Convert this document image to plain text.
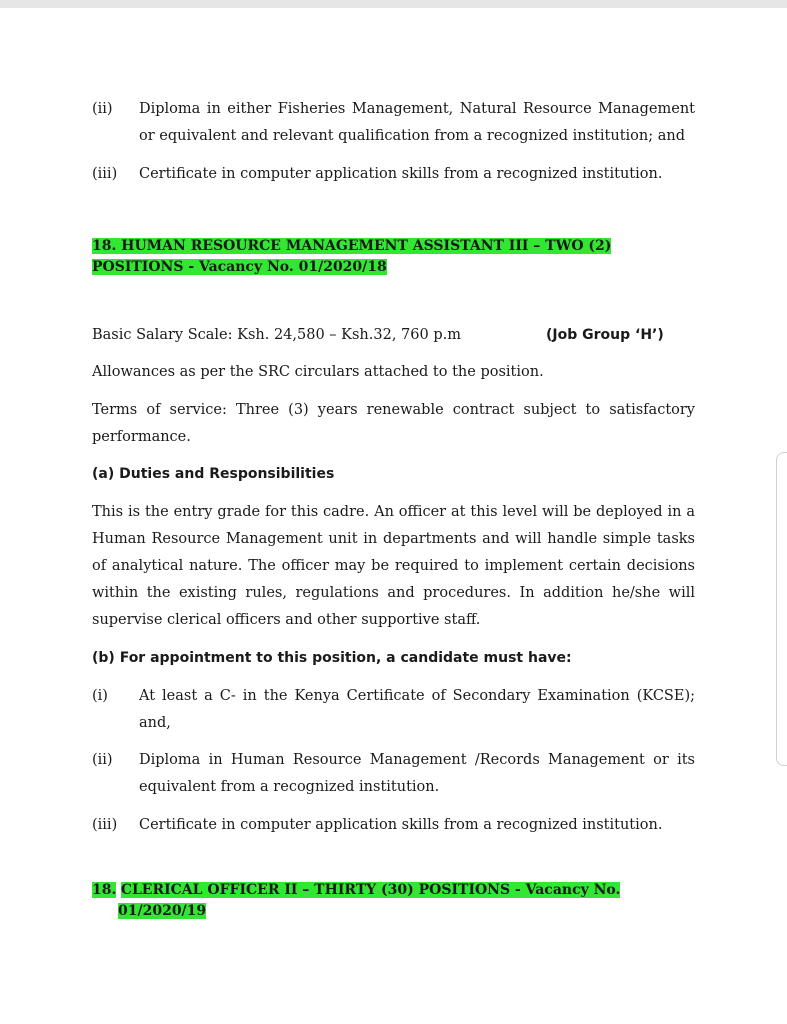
(ii) Diploma in either Fisheries Management, Natural Resource Management
or equivalent and relevant qualification from a recognized institution; and
(iii) Certificate in computer application skills from a recognized institution.
18. HUMAN RESOURCE MANAGEMENT ASSISTANT III – TWO (2)
POSITIONS - Vacancy No. 01/2020/18
Basic Salary Scale: Ksh. 24,580 – Ksh.32, 760 p.m	(Job Group ‘H’)
Allowances as per the SRC circulars attached to the position.
Terms of service: Three (3) years renewable contract subject to satisfactory
performance.
(a) Duties and Responsibilities
This is the entry grade for this cadre. An officer at this level will be deployed in a
Human Resource Management unit in departments and will handle simple tasks
of analytical nature. The officer may be required to implement certain decisions
within the existing rules, regulations and procedures. In addition he/she will
supervise clerical officers and other supportive staff.
(b) For appointment to this position, a candidate must have:
(i) At least a C- in the Kenya Certificate of Secondary Examination (KCSE);
and,
(ii) Diploma in Human Resource Management /Records Management or its
equivalent from a recognized institution.
(iii) Certificate in computer application skills from a recognized institution.
18. CLERICAL OFFICER II – THIRTY (30) POSITIONS - Vacancy No.
01/2020/19
